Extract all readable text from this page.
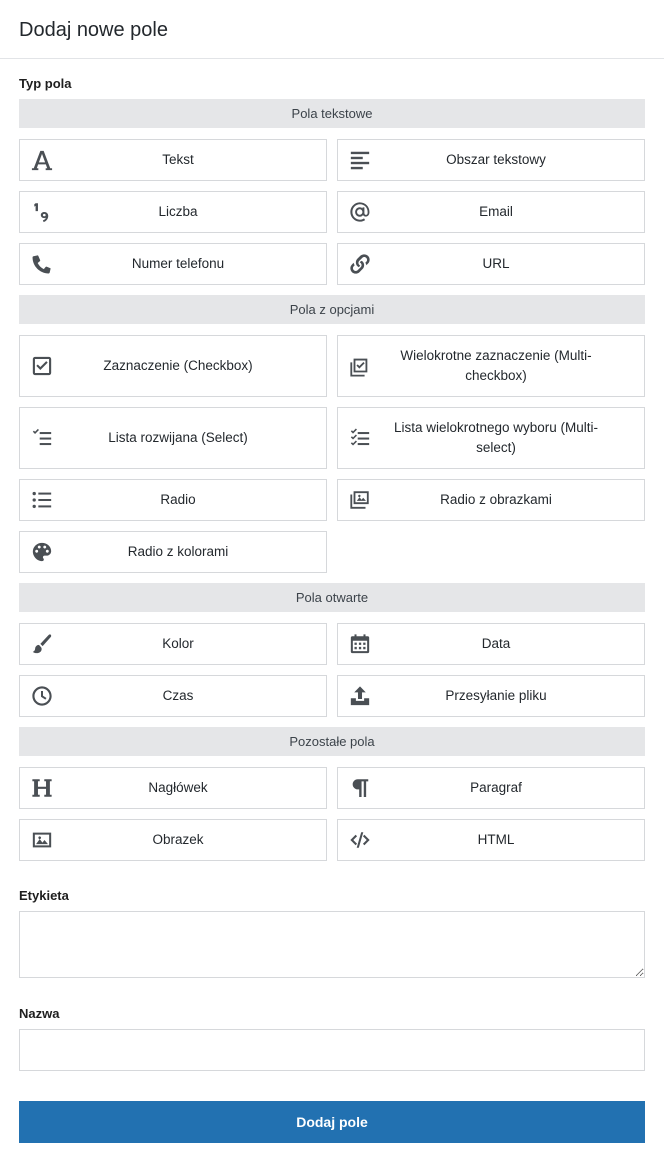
Dodaj nowe pole
Typ pola
Pola tekstowe
Tekst	Obszar tekstowy
Liczba	Email
Numer telefonu	URL
Pola z opcjami
Zaznaczenie (Checkbox)
Wielokrotne zaznaczenie (Multi-checkbox)
Lista rozwijana (Select)
Lista wielokrotnego wyboru (Multi-select)
Radio	Radio z obrazkami
Radio z kolorami
Pola otwarte
Kolor	Data
Czas	Przesyłanie pliku
Pozostałe pola
Nagłówek	Paragraf
Obrazek	HTML
Etykieta
Nazwa
Dodaj pole
